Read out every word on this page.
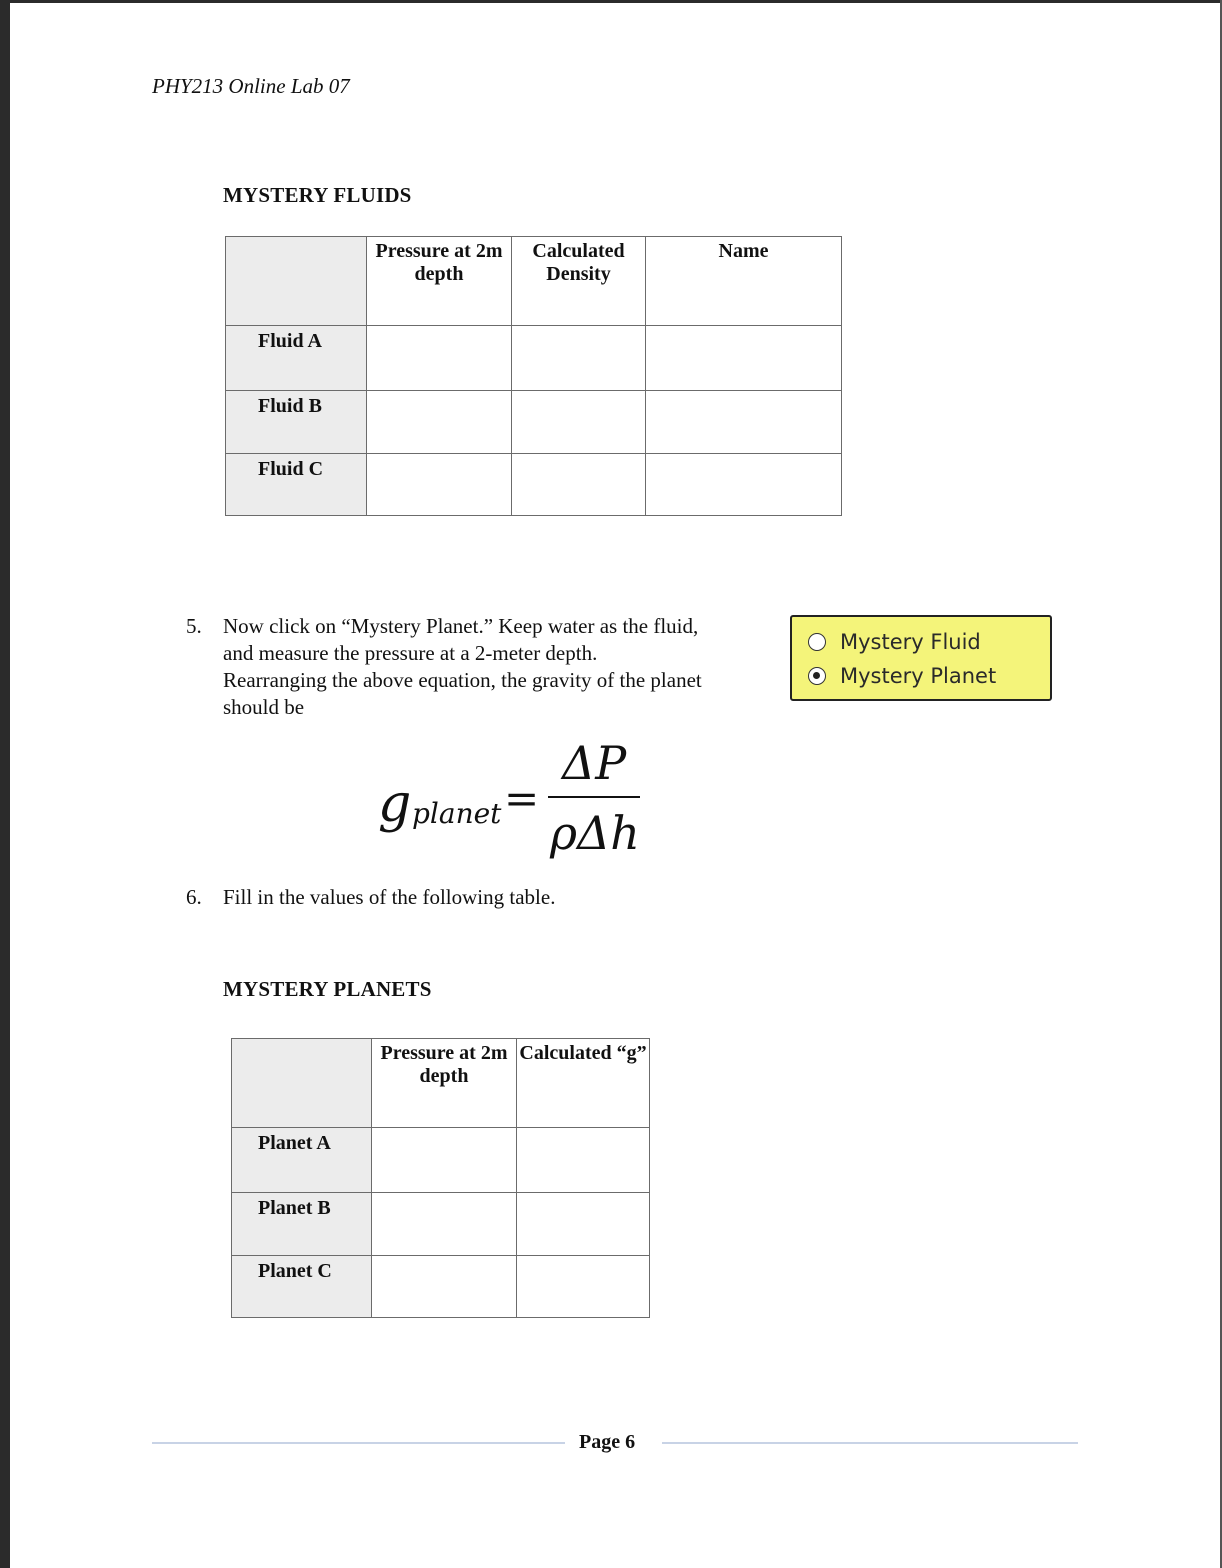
PHY213 Online Lab 07
MYSTERY FLUIDS
	Pressure at 2m depth	Calculated Density	Name
Fluid A			
Fluid B			
Fluid C			
5. Now click on “Mystery Planet.” Keep water as the fluid,
and measure the pressure at a 2-meter depth.
Rearranging the above equation, the gravity of the planet
should be
Mystery Fluid
Mystery Planet
g planet =
ΔP
ρΔh
6. Fill in the values of the following table.
MYSTERY PLANETS
	Pressure at 2m depth	Calculated “g”
Planet A		
Planet B		
Planet C		
Page 6
